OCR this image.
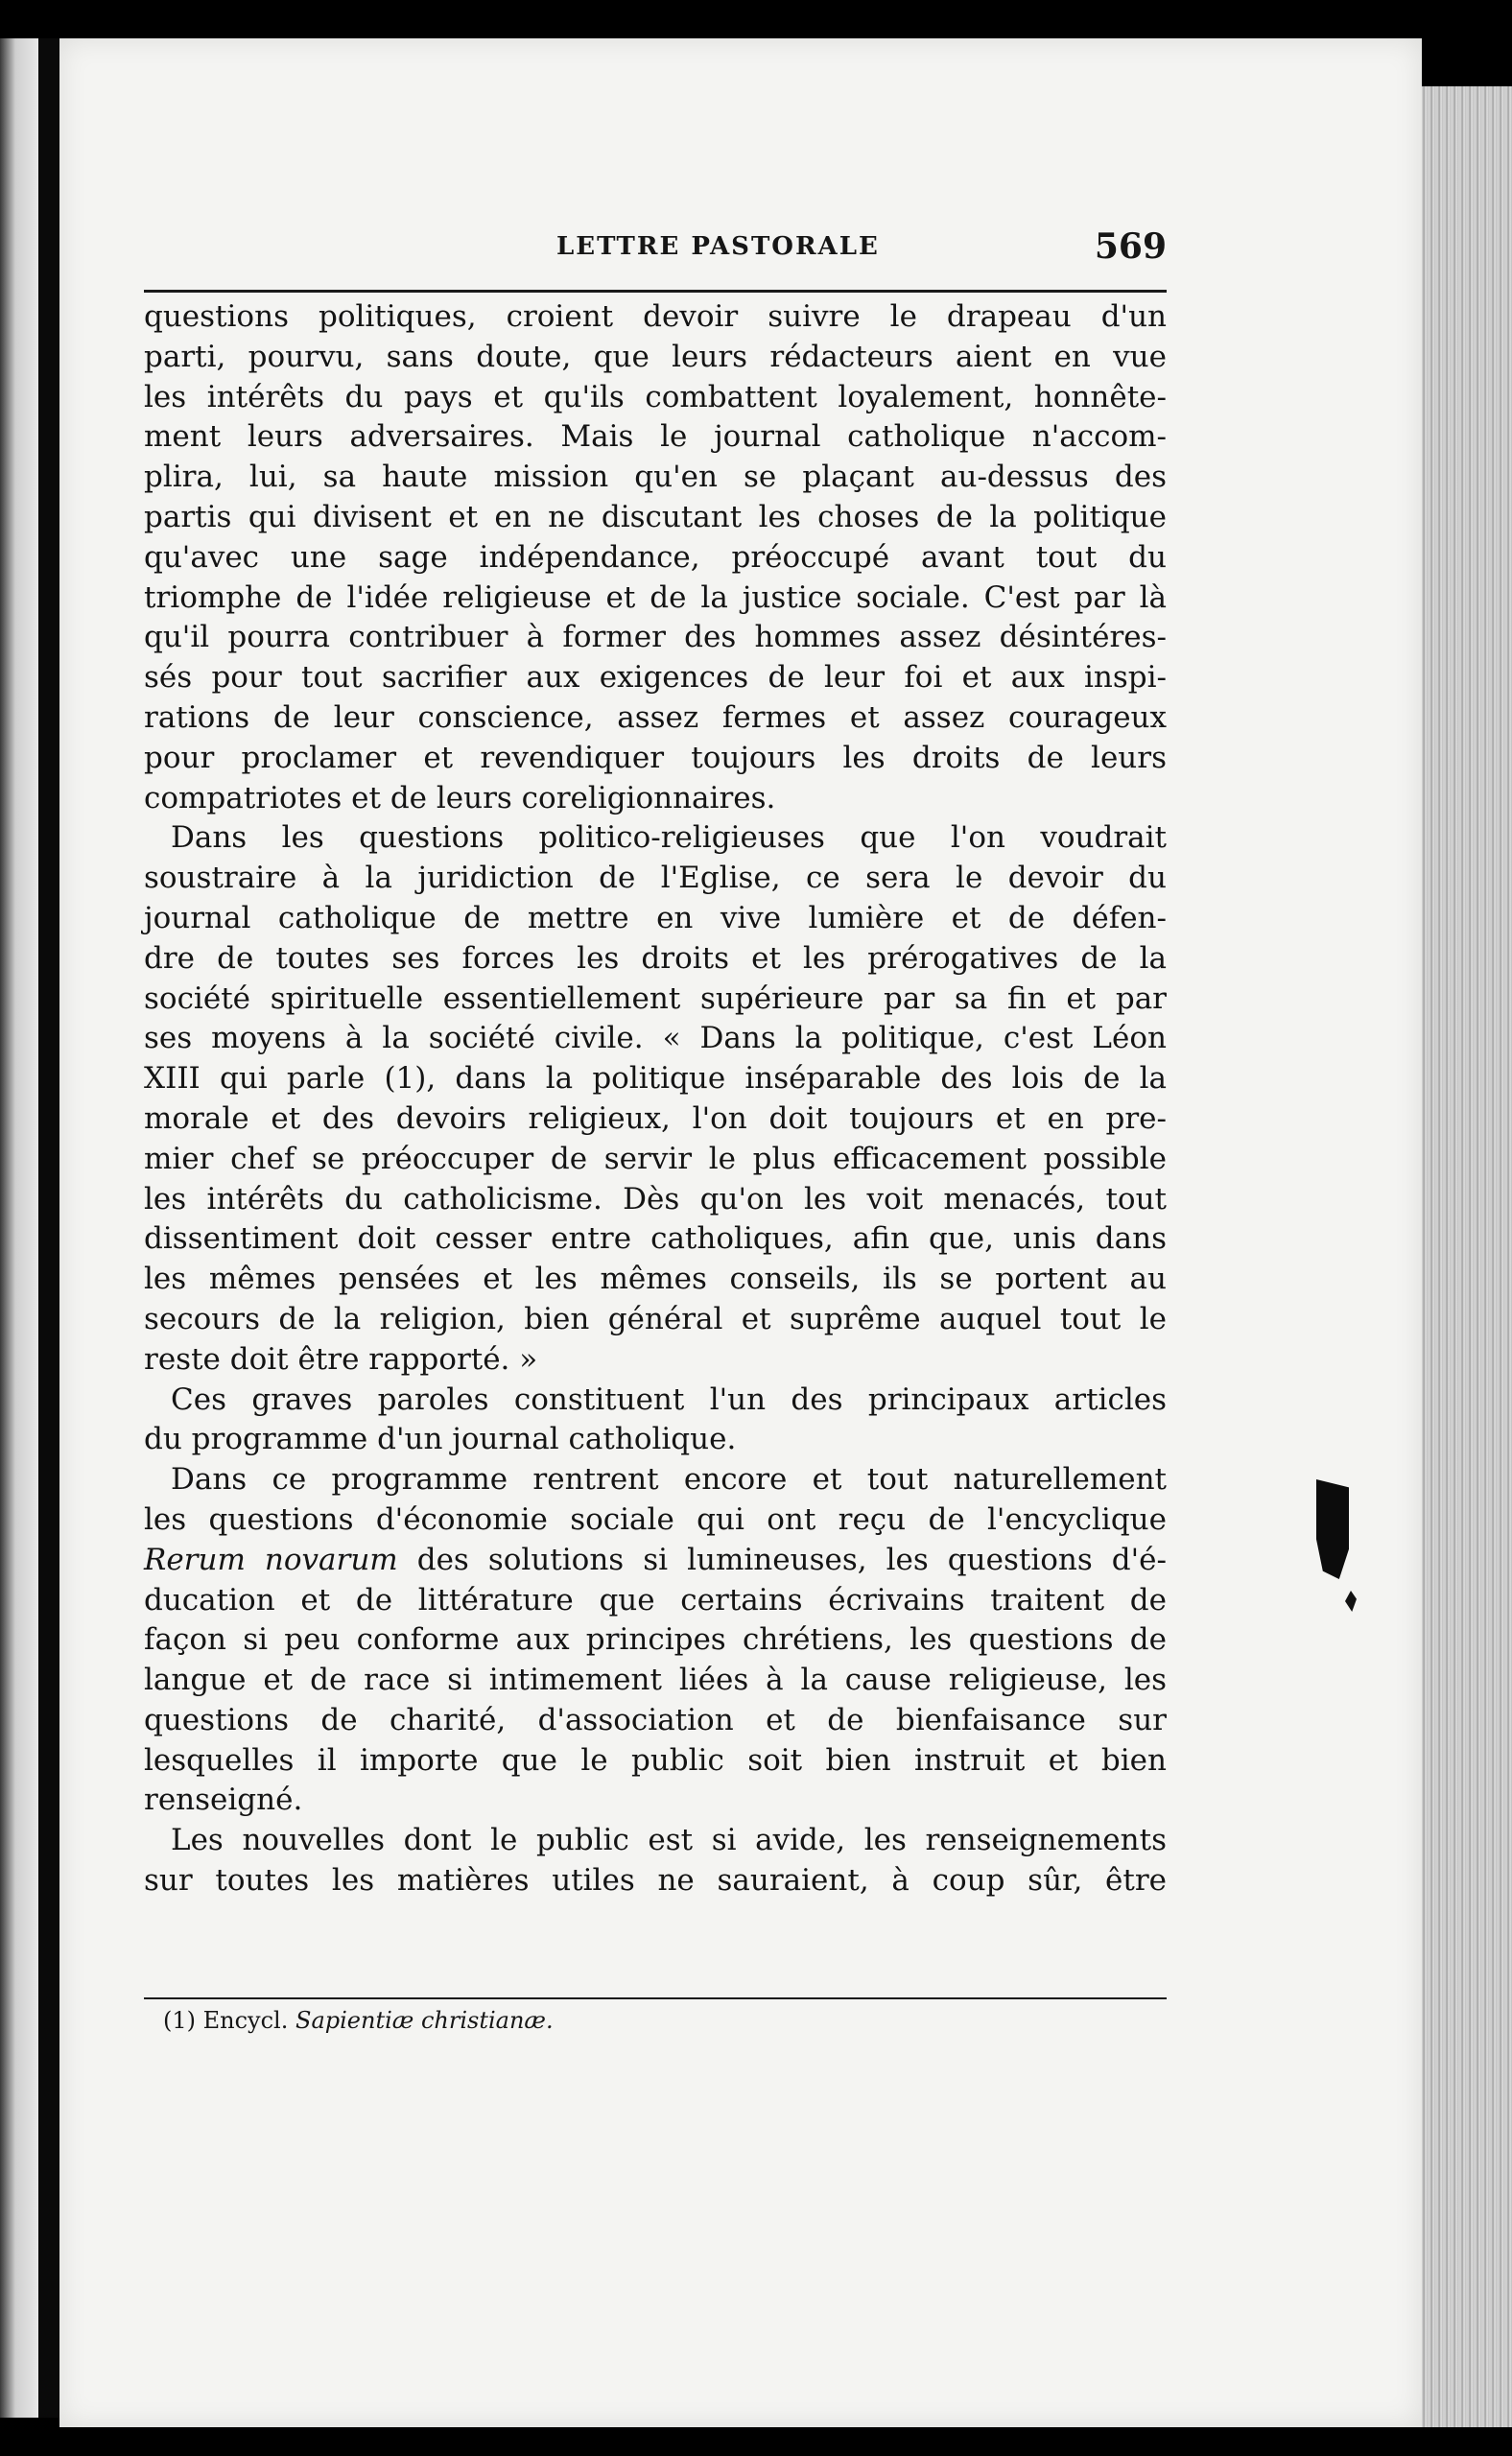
LETTRE PASTORALE	569
questions politiques, croient devoir suivre le drapeau d'un
parti, pourvu, sans doute, que leurs rédacteurs aient en vue
les intérêts du pays et qu'ils combattent loyalement, honnête-
ment leurs adversaires. Mais le journal catholique n'accom-
plira, lui, sa haute mission qu'en se plaçant au-dessus des
partis qui divisent et en ne discutant les choses de la politique
qu'avec une sage indépendance, préoccupé avant tout du
triomphe de l'idée religieuse et de la justice sociale. C'est par là
qu'il pourra contribuer à former des hommes assez désintéres-
sés pour tout sacrifier aux exigences de leur foi et aux inspi-
rations de leur conscience, assez fermes et assez courageux
pour proclamer et revendiquer toujours les droits de leurs
compatriotes et de leurs coreligionnaires.
Dans les questions politico-religieuses que l'on voudrait
soustraire à la juridiction de l'Eglise, ce sera le devoir du
journal catholique de mettre en vive lumière et de défen-
dre de toutes ses forces les droits et les prérogatives de la
société spirituelle essentiellement supérieure par sa fin et par
ses moyens à la société civile. « Dans la politique, c'est Léon
XIII qui parle (1), dans la politique inséparable des lois de la
morale et des devoirs religieux, l'on doit toujours et en pre-
mier chef se préoccuper de servir le plus efficacement possible
les intérêts du catholicisme. Dès qu'on les voit menacés, tout
dissentiment doit cesser entre catholiques, afin que, unis dans
les mêmes pensées et les mêmes conseils, ils se portent au
secours de la religion, bien général et suprême auquel tout le
reste doit être rapporté. »
Ces graves paroles constituent l'un des principaux articles
du programme d'un journal catholique.
Dans ce programme rentrent encore et tout naturellement
les questions d'économie sociale qui ont reçu de l'encyclique
Rerum novarum des solutions si lumineuses, les questions d'é-
ducation et de littérature que certains écrivains traitent de
façon si peu conforme aux principes chrétiens, les questions de
langue et de race si intimement liées à la cause religieuse, les
questions de charité, d'association et de bienfaisance sur
lesquelles il importe que le public soit bien instruit et bien
renseigné.
Les nouvelles dont le public est si avide, les renseignements
sur toutes les matières utiles ne sauraient, à coup sûr, être
(1) Encycl. Sapientiæ christianæ.
